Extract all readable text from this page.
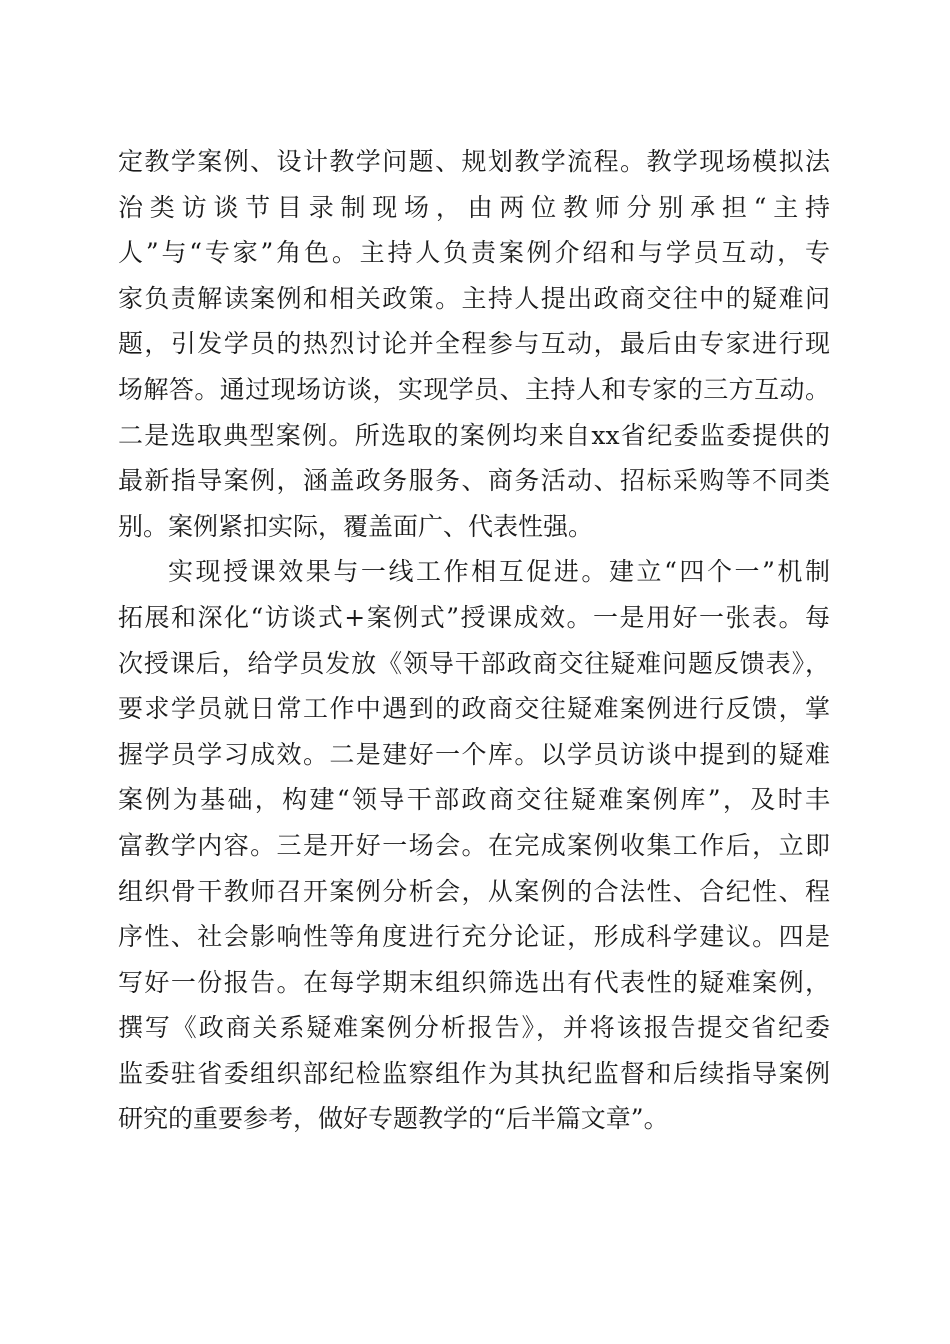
定教学案例、设计教学问题、规划教学流程。教学现场模拟法
治类访谈节目录制现场，由两位教师分别承担“主持
人”与“专家”角色。主持人负责案例介绍和与学员互动，专
家负责解读案例和相关政策。主持人提出政商交往中的疑难问
题，引发学员的热烈讨论并全程参与互动，最后由专家进行现
场解答。通过现场访谈，实现学员、主持人和专家的三方互动。
二是选取典型案例。所选取的案例均来自xx省纪委监委提供的
最新指导案例，涵盖政务服务、商务活动、招标采购等不同类
别。案例紧扣实际，覆盖面广、代表性强。
实现授课效果与一线工作相互促进。建立“四个一”机制
拓展和深化“访谈式+案例式”授课成效。一是用好一张表。每
次授课后，给学员发放《领导干部政商交往疑难问题反馈表》，
要求学员就日常工作中遇到的政商交往疑难案例进行反馈，掌
握学员学习成效。二是建好一个库。以学员访谈中提到的疑难
案例为基础，构建“领导干部政商交往疑难案例库”，及时丰
富教学内容。三是开好一场会。在完成案例收集工作后，立即
组织骨干教师召开案例分析会，从案例的合法性、合纪性、程
序性、社会影响性等角度进行充分论证，形成科学建议。四是
写好一份报告。在每学期末组织筛选出有代表性的疑难案例，
撰写《政商关系疑难案例分析报告》，并将该报告提交省纪委
监委驻省委组织部纪检监察组作为其执纪监督和后续指导案例
研究的重要参考，做好专题教学的“后半篇文章”。
